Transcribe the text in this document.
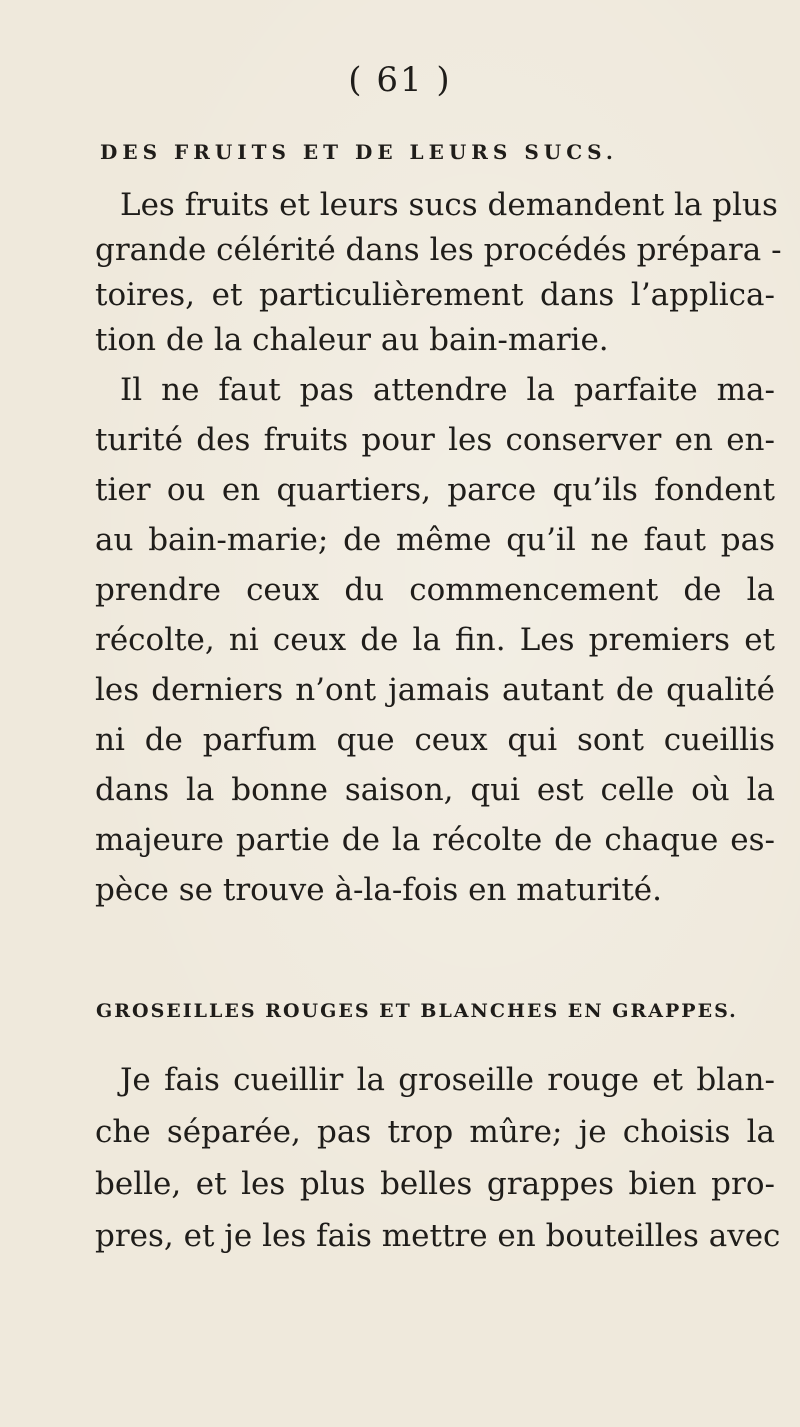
( 61 )
DES FRUITS ET DE LEURS SUCS.
Les fruits et leurs sucs demandent la plus
grande célérité dans les procédés prépara -
toires, et particulièrement dans l’applica-
tion de la chaleur au bain-marie.
Il ne faut pas attendre la parfaite ma-
turité des fruits pour les conserver en en-
tier ou en quartiers, parce qu’ils fondent
au bain-marie; de même qu’il ne faut pas
prendre ceux du commencement de la
récolte, ni ceux de la fin. Les premiers et
les derniers n’ont jamais autant de qualité
ni de parfum que ceux qui sont cueillis
dans la bonne saison, qui est celle où la
majeure partie de la récolte de chaque es-
pèce se trouve à-la-fois en maturité.
GROSEILLES ROUGES ET BLANCHES EN GRAPPES.
Je fais cueillir la groseille rouge et blan-
che séparée, pas trop mûre; je choisis la
belle, et les plus belles grappes bien pro-
pres, et je les fais mettre en bouteilles avec
